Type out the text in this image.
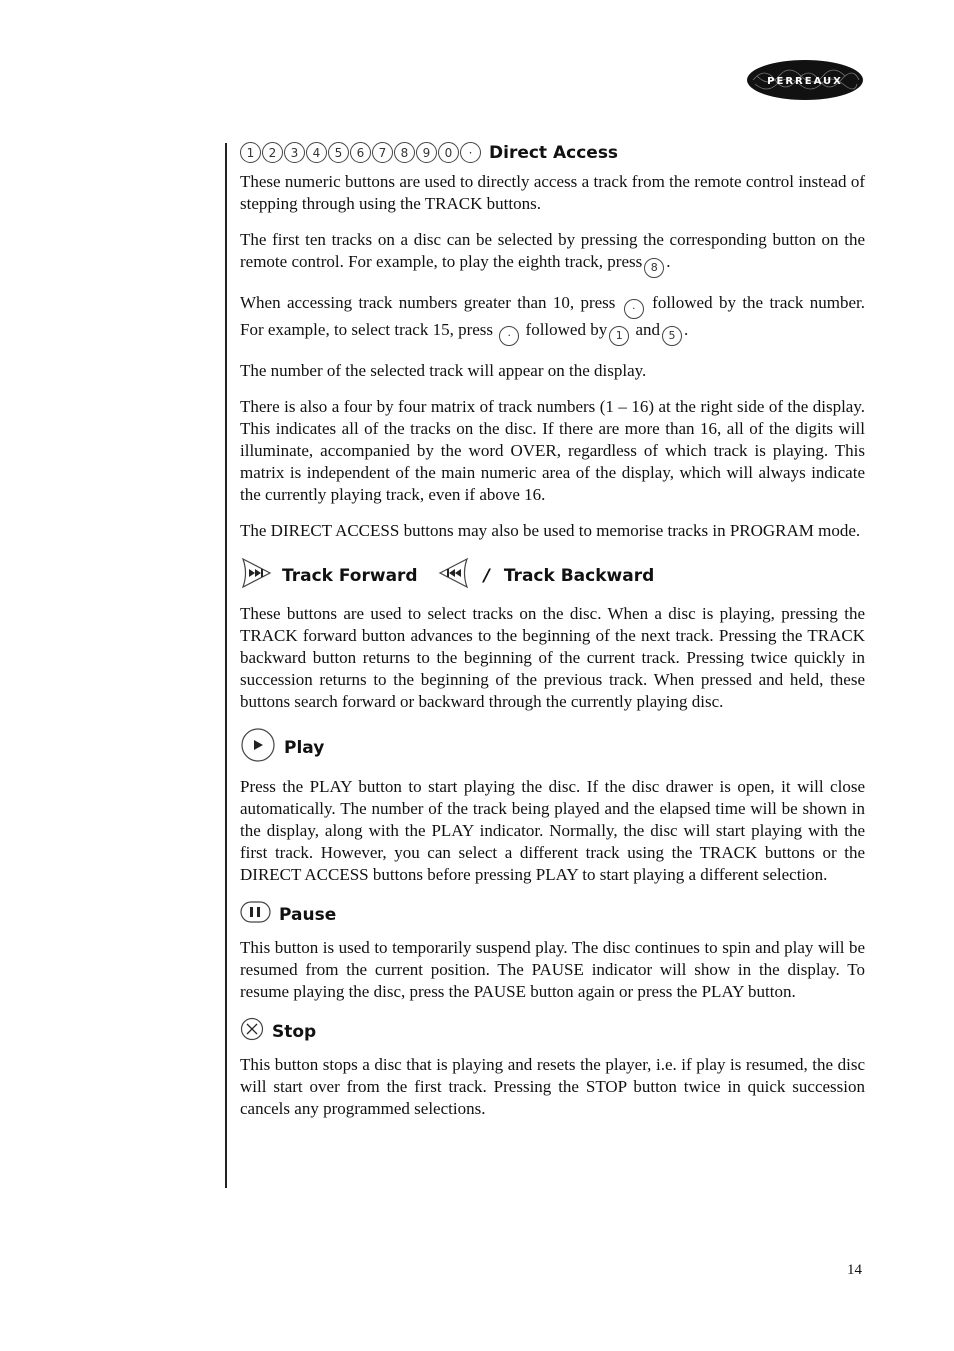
PERREAUX
1	2	3	4	5	6	7	8	9	0	· Direct Access

These numeric buttons are used to directly access a track from the remote control instead of stepping through using the TRACK buttons.

The first ten tracks on a disc can be selected by pressing the corresponding button on the remote control. For example, to play the eighth track, press 8 .

When accessing track numbers greater than 10, press · followed by the track number. For example, to select track 15, press · followed by 1 and 5 .

The number of the selected track will appear on the display.

There is also a four by four matrix of track numbers (1 – 16) at the right side of the display. This indicates all of the tracks on the disc. If there are more than 16, all of the digits will illuminate, accompanied by the word OVER, regardless of which track is playing. This matrix is independent of the main numeric area of the display, which will always indicate the currently playing track, even if above 16.

The DIRECT ACCESS buttons may also be used to memorise tracks in PROGRAM mode.

Track Forward	/ Track Backward

These buttons are used to select tracks on the disc. When a disc is playing, pressing the TRACK forward button advances to the beginning of the next track. Pressing the TRACK backward button returns to the beginning of the current track. Pressing twice quickly in succession returns to the beginning of the previous track. When pressed and held, these buttons search forward or backward through the currently playing disc.

Play

Press the PLAY button to start playing the disc. If the disc drawer is open, it will close automatically. The number of the track being played and the elapsed time will be shown in the display, along with the PLAY indicator. Normally, the disc will start playing with the first track. However, you can select a different track using the TRACK buttons or the DIRECT ACCESS buttons before pressing PLAY to start playing a different selection.

Pause

This button is used to temporarily suspend play. The disc continues to spin and play will be resumed from the current position. The PAUSE indicator will show in the display. To resume playing the disc, press the PAUSE button again or press the PLAY button.

Stop

This button stops a disc that is playing and resets the player, i.e. if play is resumed, the disc will start over from the first track. Pressing the STOP button twice in quick succession cancels any programmed selections.

14
